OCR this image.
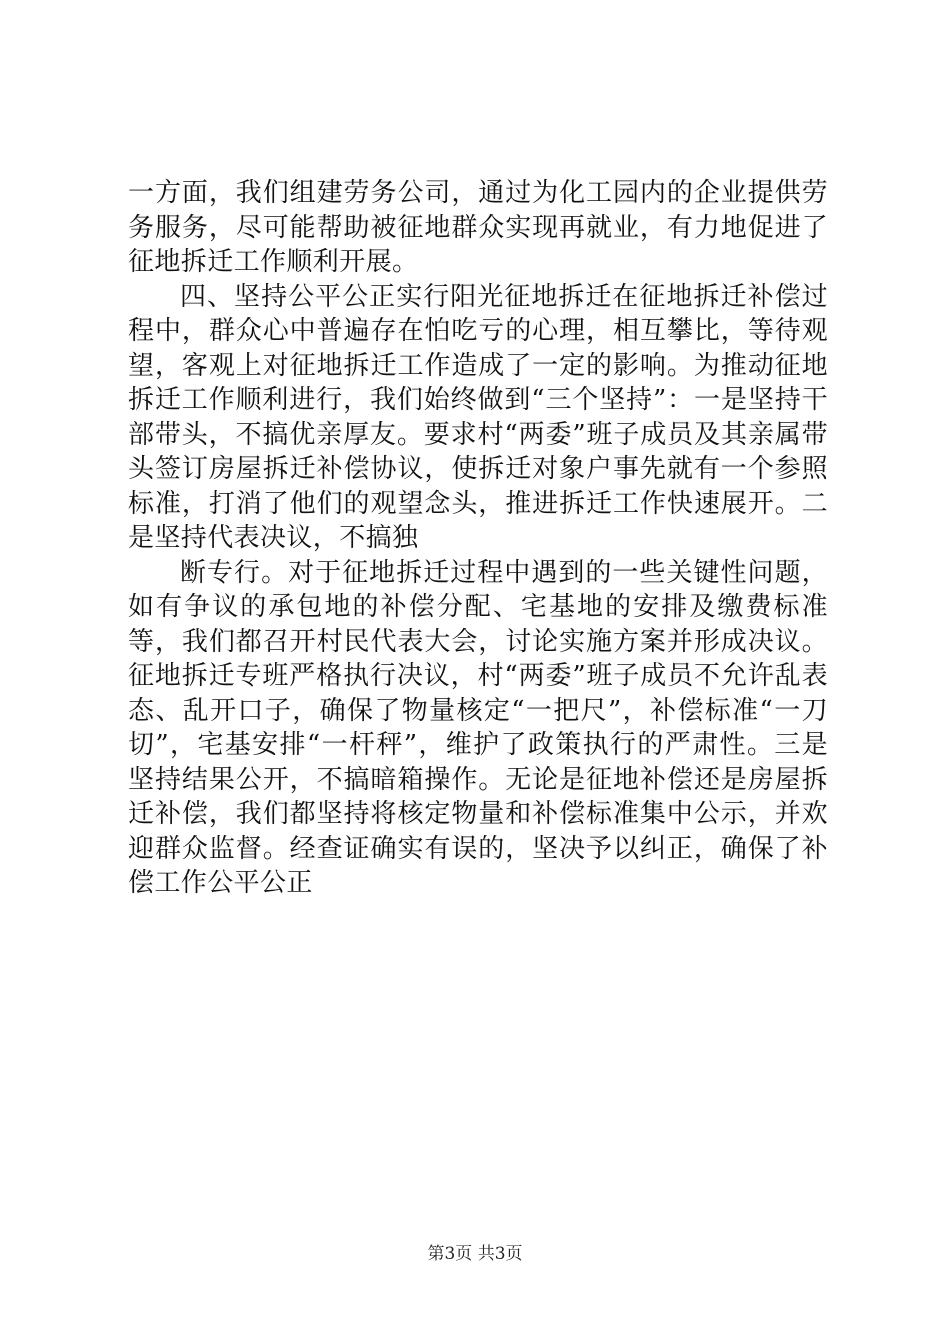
一方面，我们组建劳务公司，通过为化工园内的企业提供劳务服务，尽可能帮助被征地群众实现再就业，有力地促进了征地拆迁工作顺利开展。

四、坚持公平公正实行阳光征地拆迁在征地拆迁补偿过程中，群众心中普遍存在怕吃亏的心理，相互攀比，等待观望，客观上对征地拆迁工作造成了一定的影响。为推动征地拆迁工作顺利进行，我们始终做到“三个坚持”：一是坚持干部带头，不搞优亲厚友。要求村“两委”班子成员及其亲属带头签订房屋拆迁补偿协议，使拆迁对象户事先就有一个参照标准，打消了他们的观望念头，推进拆迁工作快速展开。二是坚持代表决议，不搞独

断专行。对于征地拆迁过程中遇到的一些关键性问题，如有争议的承包地的补偿分配、宅基地的安排及缴费标准等，我们都召开村民代表大会，讨论实施方案并形成决议。征地拆迁专班严格执行决议，村“两委”班子成员不允许乱表态、乱开口子，确保了物量核定“一把尺”，补偿标准“一刀切”，宅基安排“一杆秤”，维护了政策执行的严肃性。三是坚持结果公开，不搞暗箱操作。无论是征地补偿还是房屋拆迁补偿，我们都坚持将核定物量和补偿标准集中公示，并欢迎群众监督。经查证确实有误的，坚决予以纠正，确保了补偿工作公平公正

第3页 共3页
